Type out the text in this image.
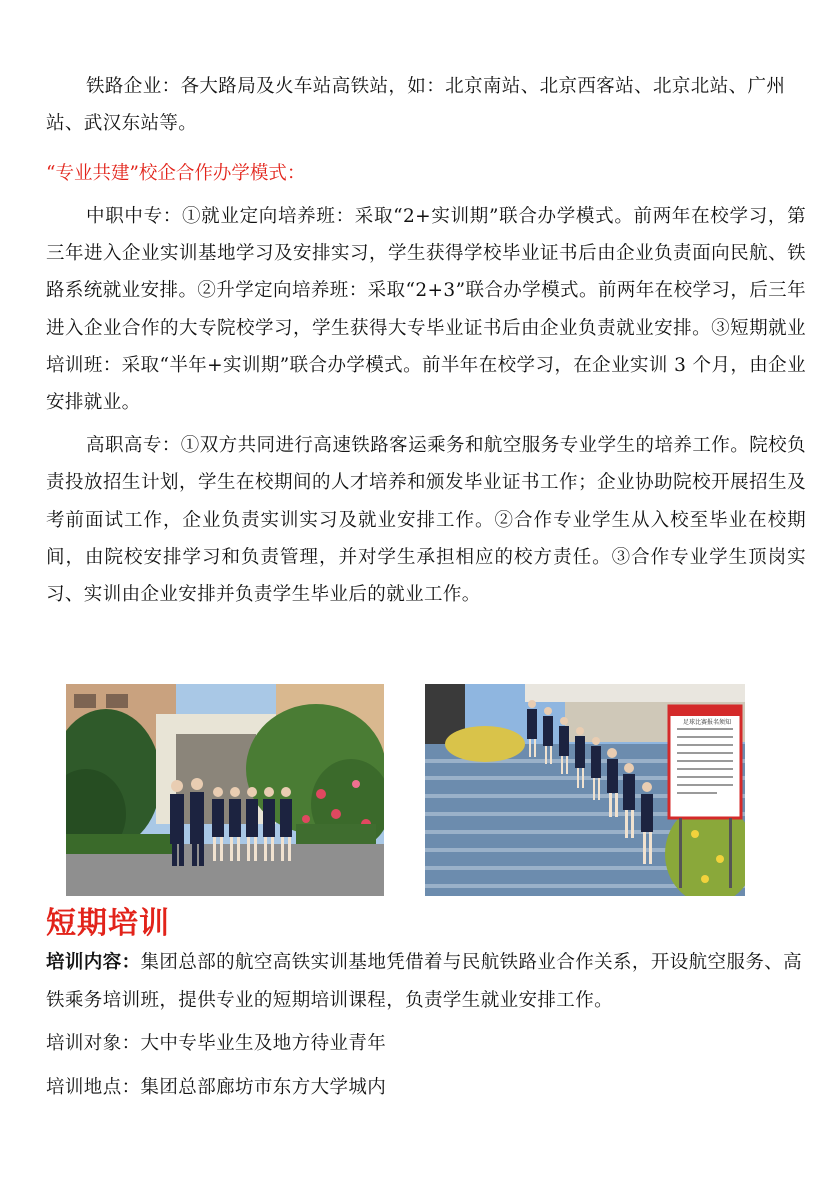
铁路企业：各大路局及火车站高铁站，如：北京南站、北京西客站、北京北站、广州站、武汉东站等。

“专业共建”校企合作办学模式：

中职中专：①就业定向培养班：采取“2+实训期”联合办学模式。前两年在校学习，第三年进入企业实训基地学习及安排实习，学生获得学校毕业证书后由企业负责面向民航、铁路系统就业安排。②升学定向培养班：采取“2+3”联合办学模式。前两年在校学习，后三年进入企业合作的大专院校学习，学生获得大专毕业证书后由企业负责就业安排。③短期就业培训班：采取“半年+实训期”联合办学模式。前半年在校学习，在企业实训 3 个月，由企业安排就业。

高职高专：①双方共同进行高速铁路客运乘务和航空服务专业学生的培养工作。院校负责投放招生计划，学生在校期间的人才培养和颁发毕业证书工作；企业协助院校开展招生及考前面试工作，企业负责实训实习及就业安排工作。②合作专业学生从入校至毕业在校期间，由院校安排学习和负责管理，并对学生承担相应的校方责任。③合作专业学生顶岗实习、实训由企业安排并负责学生毕业后的就业工作。

足球比赛报名须知
短期培训

培训内容：集团总部的航空高铁实训基地凭借着与民航铁路业合作关系，开设航空服务、高铁乘务培训班，提供专业的短期培训课程，负责学生就业安排工作。

培训对象：大中专毕业生及地方待业青年

培训地点：集团总部廊坊市东方大学城内
